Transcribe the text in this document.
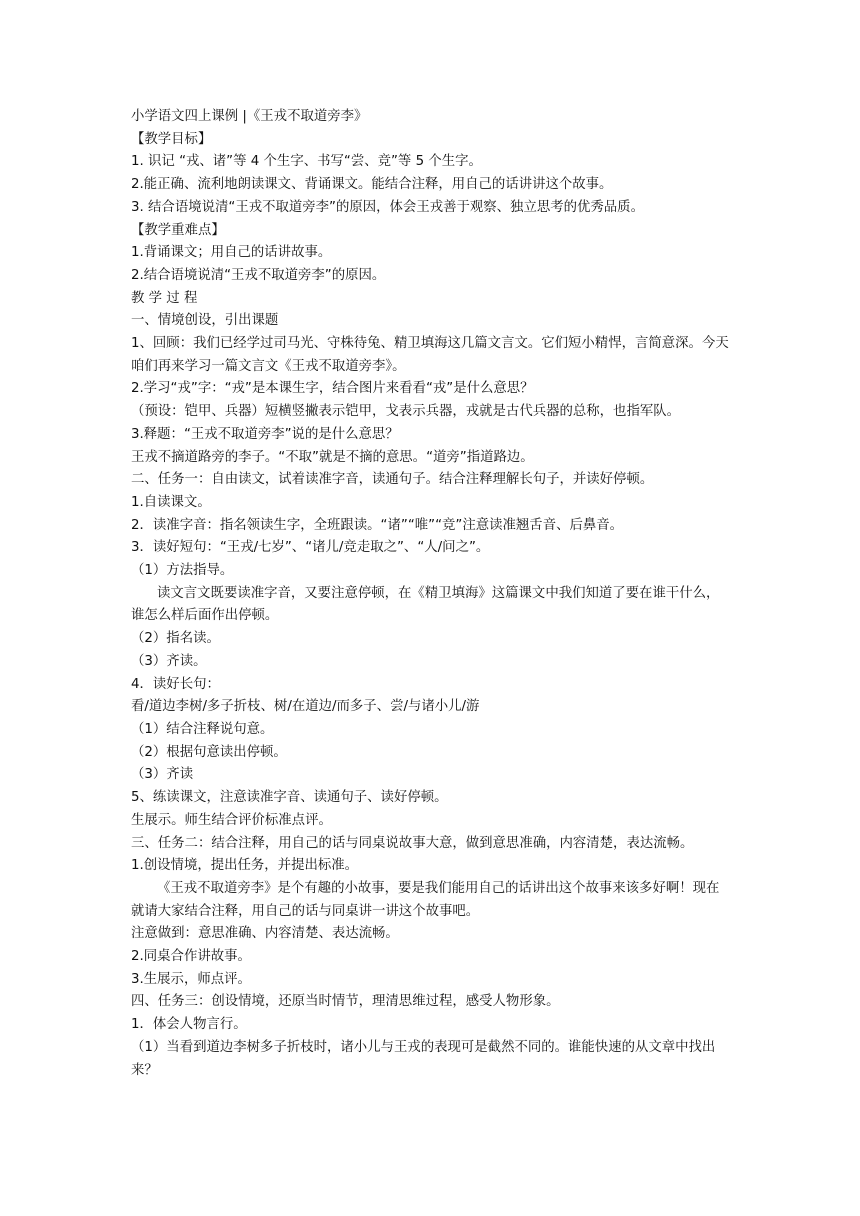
小学语文四上课例 |《王戎不取道旁李》

【教学目标】

1. 识记 “戎、诸”等 4 个生字、书写“尝、竞”等 5 个生字。

2.能正确、流利地朗读课文、背诵课文。能结合注释，用自己的话讲讲这个故事。

3. 结合语境说清“王戎不取道旁李”的原因，体会王戎善于观察、独立思考的优秀品质。

【教学重难点】

1.背诵课文；用自己的话讲故事。

2.结合语境说清“王戎不取道旁李”的原因。

教 学 过 程

一、情境创设，引出课题

1、回顾：我们已经学过司马光、守株待兔、精卫填海这几篇文言文。它们短小精悍，言简意深。今天咱们再来学习一篇文言文《王戎不取道旁李》。

2.学习“戎”字：“戎”是本课生字，结合图片来看看“戎”是什么意思？

（预设：铠甲、兵器）短横竖撇表示铠甲，戈表示兵器，戎就是古代兵器的总称，也指军队。

3.释题：“王戎不取道旁李”说的是什么意思？

王戎不摘道路旁的李子。“不取”就是不摘的意思。“道旁”指道路边。

二、任务一：自由读文，试着读准字音，读通句子。结合注释理解长句子，并读好停顿。

1.自读课文。

2．读准字音：指名领读生字，全班跟读。“诸”“唯”“竞”注意读准翘舌音、后鼻音。

3．读好短句：“王戎/七岁”、“诸儿/竞走取之”、“人/问之”。

（1）方法指导。

读文言文既要读准字音，又要注意停顿，在《精卫填海》这篇课文中我们知道了要在谁干什么，谁怎么样后面作出停顿。

（2）指名读。

（3）齐读。

4．读好长句：

看/道边李树/多子折枝、树/在道边/而多子、尝/与诸小儿/游

（1）结合注释说句意。

（2）根据句意读出停顿。

（3）齐读

5、练读课文，注意读准字音、读通句子、读好停顿。

生展示。师生结合评价标准点评。

三、任务二：结合注释，用自己的话与同桌说故事大意，做到意思准确，内容清楚，表达流畅。

1.创设情境，提出任务，并提出标准。

《王戎不取道旁李》是个有趣的小故事，要是我们能用自己的话讲出这个故事来该多好啊！现在就请大家结合注释，用自己的话与同桌讲一讲这个故事吧。

注意做到：意思准确、内容清楚、表达流畅。

2.同桌合作讲故事。

3.生展示，师点评。

四、任务三：创设情境，还原当时情节，理清思维过程，感受人物形象。

1．体会人物言行。

（1）当看到道边李树多子折枝时，诸小儿与王戎的表现可是截然不同的。谁能快速的从文章中找出来？
